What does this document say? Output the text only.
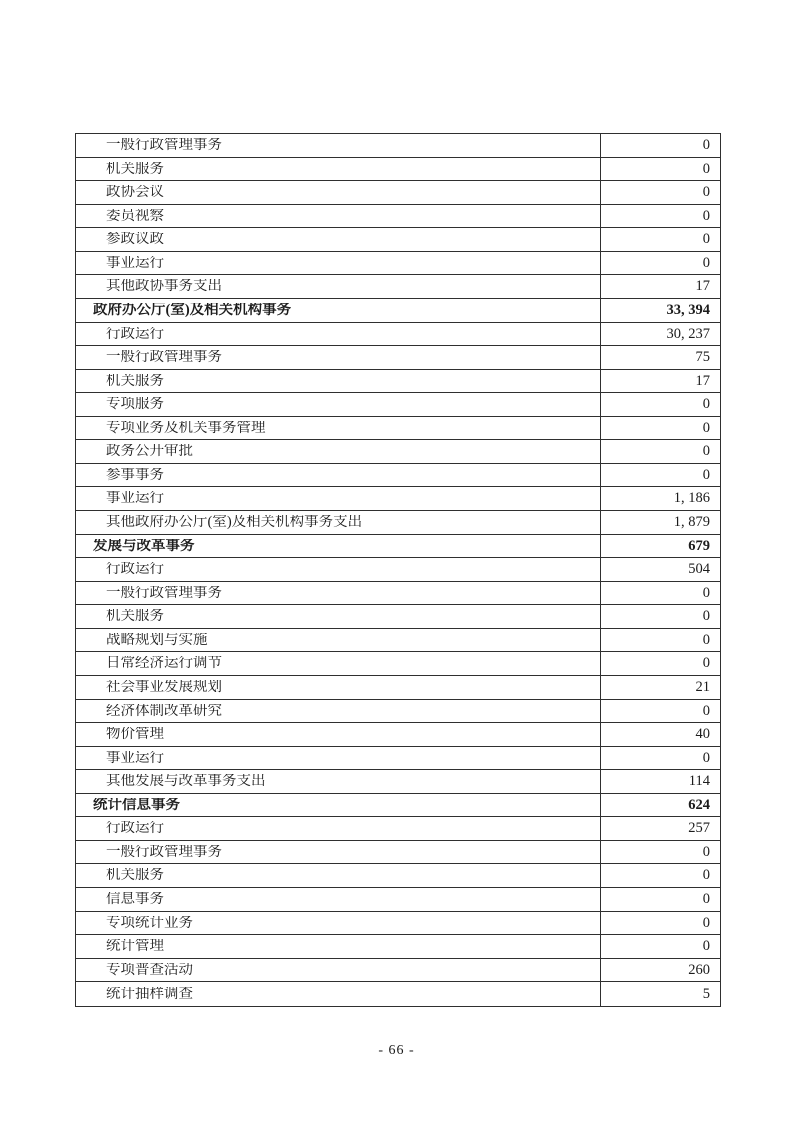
一般行政管理事务	0
机关服务	0
政协会议	0
委员视察	0
参政议政	0
事业运行	0
其他政协事务支出	17
政府办公厅(室)及相关机构事务	33, 394
行政运行	30, 237
一般行政管理事务	75
机关服务	17
专项服务	0
专项业务及机关事务管理	0
政务公开审批	0
参事事务	0
事业运行	1, 186
其他政府办公厅(室)及相关机构事务支出	1, 879
发展与改革事务	679
行政运行	504
一般行政管理事务	0
机关服务	0
战略规划与实施	0
日常经济运行调节	0
社会事业发展规划	21
经济体制改革研究	0
物价管理	40
事业运行	0
其他发展与改革事务支出	114
统计信息事务	624
行政运行	257
一般行政管理事务	0
机关服务	0
信息事务	0
专项统计业务	0
统计管理	0
专项普查活动	260
统计抽样调查	5
- 66 -
